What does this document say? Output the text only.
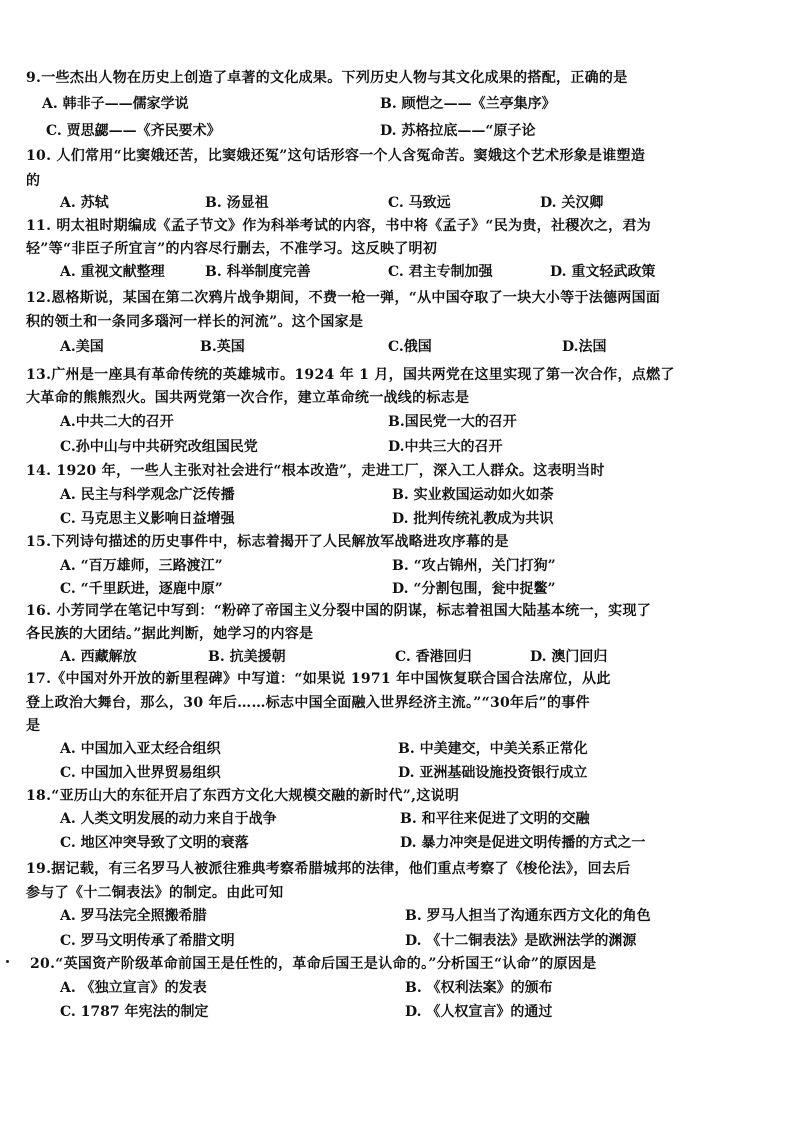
9.一些杰出人物在历史上创造了卓著的文化成果。下列历史人物与其文化成果的搭配，正确的是
A. 韩非子——儒家学说	B. 顾恺之——《兰亭集序》
C. 贾思勰——《齐民要术》	D. 苏格拉底——“原子论
10. 人们常用“比窦娥还苦，比窦娥还冤”这句话形容一个人含冤命苦。窦娥这个艺术形象是谁塑造
的
A. 苏轼	B. 汤显祖	C. 马致远	D. 关汉卿
11. 明太祖时期编成《孟子节文》作为科举考试的内容，书中将《孟子》“民为贵，社稷次之，君为
轻”等“非臣子所宜言”的内容尽行删去，不准学习。这反映了明初
A. 重视文献整理	B. 科举制度完善	C. 君主专制加强	D. 重文轻武政策
12.恩格斯说，某国在第二次鸦片战争期间，不费一枪一弹，“从中国夺取了一块大小等于法德两国面
积的领土和一条同多瑙河一样长的河流”。这个国家是
A.美国	B.英国	C.俄国	D.法国
13.广州是一座具有革命传统的英雄城市。1924 年 1 月，国共两党在这里实现了第一次合作，点燃了
大革命的熊熊烈火。国共两党第一次合作，建立革命统一战线的标志是
A.中共二大的召开	B.国民党一大的召开
C.孙中山与中共研究改组国民党	D.中共三大的召开
14. 1920 年，一些人主张对社会进行“根本改造”，走进工厂，深入工人群众。这表明当时
A. 民主与科学观念广泛传播	B. 实业救国运动如火如荼
C. 马克思主义影响日益增强	D. 批判传统礼教成为共识
15.下列诗句描述的历史事件中，标志着揭开了人民解放军战略进攻序幕的是
A. “百万雄师，三路渡江”	B. “攻占锦州，关门打狗”
C. “千里跃进，逐鹿中原”	D. “分割包围，瓮中捉鳖”
16. 小芳同学在笔记中写到：“粉碎了帝国主义分裂中国的阴谋，标志着祖国大陆基本统一，实现了
各民族的大团结。”据此判断，她学习的内容是
A. 西藏解放	B. 抗美援朝	C. 香港回归	D. 澳门回归
17.《中国对外开放的新里程碑》中写道：“如果说 1971 年中国恢复联合国合法席位，从此
登上政治大舞台，那么，30 年后……标志中国全面融入世界经济主流。”“30年后”的事件
是
A. 中国加入亚太经合组织	B. 中美建交，中美关系正常化
C. 中国加入世界贸易组织	D. 亚洲基础设施投资银行成立
18.“亚历山大的东征开启了东西方文化大规模交融的新时代”,这说明
A. 人类文明发展的动力来自于战争	B. 和平往来促进了文明的交融
C. 地区冲突导致了文明的衰落	D. 暴力冲突是促进文明传播的方式之一
19.据记载，有三名罗马人被派往雅典考察希腊城邦的法律，他们重点考察了《梭伦法》，回去后
参与了《十二铜表法》的制定。由此可知
A. 罗马法完全照搬希腊	B. 罗马人担当了沟通东西方文化的角色
C. 罗马文明传承了希腊文明	D. 《十二铜表法》是欧洲法学的渊源
20.“英国资产阶级革命前国王是任性的，革命后国王是认命的。”分析国王“认命”的原因是
A. 《独立宣言》的发表	B. 《权利法案》的颁布
C. 1787 年宪法的制定	D. 《人权宣言》的通过
